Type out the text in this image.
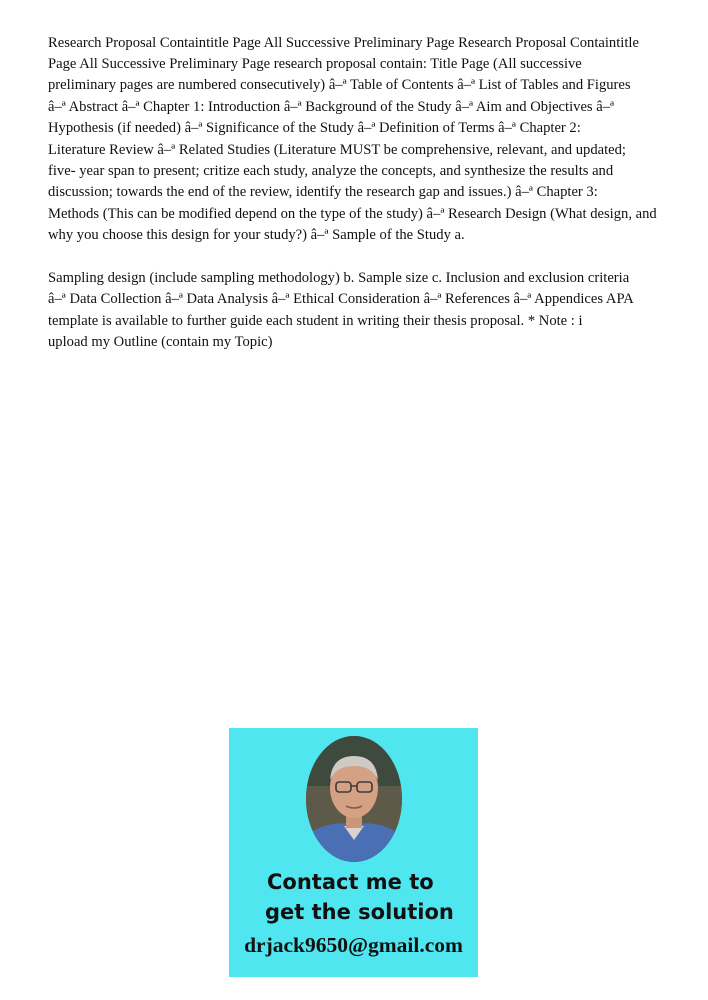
Research Proposal Containtitle Page All Successive Preliminary Page Research Proposal Containtitle

Page All Successive Preliminary Page research proposal contain: Title Page (All successive

preliminary pages are numbered consecutively) â–ª Table of Contents â–ª List of Tables and Figures

â–ª Abstract â–ª Chapter 1: Introduction â–ª Background of the Study â–ª Aim and Objectives â–ª

Hypothesis (if needed) â–ª Significance of the Study â–ª Definition of Terms â–ª Chapter 2:

Literature Review â–ª Related Studies (Literature MUST be comprehensive, relevant, and updated;

five- year span to present; critize each study, analyze the concepts, and synthesize the results and

discussion; towards the end of the review, identify the research gap and issues.) â–ª Chapter 3:

Methods (This can be modified depend on the type of the study) â–ª Research Design (What design, and

why you choose this design for your study?) â–ª Sample of the Study a.

Sampling design (include sampling methodology) b. Sample size c. Inclusion and exclusion criteria

â–ª Data Collection â–ª Data Analysis â–ª Ethical Consideration â–ª References â–ª Appendices APA

template is available to further guide each student in writing their thesis proposal. * Note : i

upload my Outline (contain my Topic)

Contact me to
get the solution
drjack9650@gmail.com
